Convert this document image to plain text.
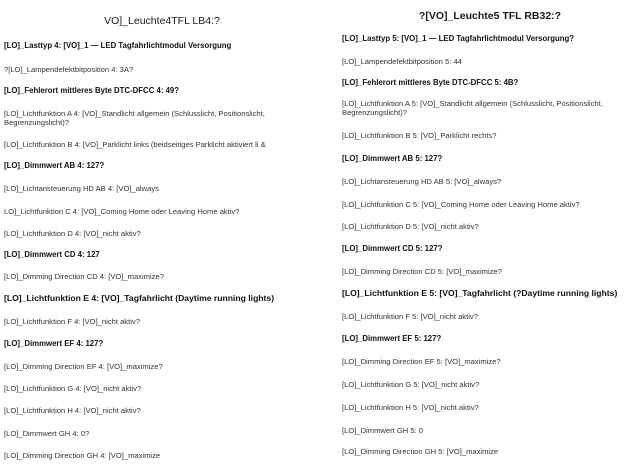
VO]_Leuchte4TFL LB4:?

[LO]_Lasttyp 4: [VO]_1 — LED Tagfahrlichtmodul Versorgung

?[LO]_Lampendefektbitposition 4: 3A?

[LO]_Fehlerort mittleres Byte DTC-DFCC 4: 49?

[LO]_Lichtfunktion A 4: [VO]_Standlicht allgemein (Schlusslicht, Positionslicht, Begrenzungslicht)?

[LO]_Lichtfunktion B 4: [VO]_Parklicht links (beidseitiges Parklicht aktiviert li &

[LO]_Dimmwert AB 4: 127?

[LO]_Lichtansteuerung HD AB 4: [VO]_always

LO]_Lichtfunktion C 4: [VO]_Coming Home oder Leaving Home aktiv?

[LO]_Lichtfunktion D 4: [VO]_nicht aktiv?

[LO]_Dimmwert CD 4: 127

[LO]_Dimming Direction CD 4: [VO]_maximize?

[LO]_Lichtfunktion E 4: [VO]_Tagfahrlicht (Daytime running lights)

[LO]_Lichtfunktion F 4: [VO]_nicht aktiv?

[LO]_Dimmwert EF 4: 127?

[LO]_Dimming Direction EF 4: [VO]_maximize?

[LO]_Lichtfunktion G 4: [VO]_nicht aktiv?

[LO]_Lichtfunktion H 4: [VO]_nicht aktiv?

[LO]_Dimmwert GH 4: 0?

[LO]_Dimming Direction GH 4: [VO]_maximize

?[VO]_Leuchte5 TFL RB32:?

[LO]_Lasttyp 5: [VO]_1 — LED Tagfahrlichtmodul Versorgung?

[LO]_Lampendefektbitposition 5: 44

[LO]_Fehlerort mittleres Byte DTC-DFCC 5: 4B?

[LO]_Lichtfunktion A 5: [VO]_Standlicht allgemein (Schlusslicht, Positionslicht, Begrenzungslicht)?

[LO]_Lichtfunktion B 5: [VO]_Parklicht rechts?

[LO]_Dimmwert AB 5: 127?

[LO]_Lichtansteuerung HD AB 5: [VO]_always?

[LO]_Lichtfunktion C 5: [VO]_Coming Home oder Leaving Home aktiv?

[LO]_Lichtfunktion D 5: [VO]_nicht aktiv?

[LO]_Dimmwert CD 5: 127?

[LO]_Dimming Direction CD 5: [VO]_maximize?

[LO]_Lichtfunktion E 5: [VO]_Tagfahrlicht (?Daytime running lights)

[LO]_Lichtfunktion F 5: [VO]_nicht aktiv?

[LO]_Dimmwert EF 5: 127?

[LO]_Dimming Direction EF 5: [VO]_maximize?

[LO]_Lichtfunktion G 5: [VO]_nicht aktiv?

[LO]_Lichtfunktion H 5: [VO]_nicht aktiv?

[LO]_Dimmwert GH 5: 0

[LO]_Dimming Direction GH 5: [VO]_maximize
